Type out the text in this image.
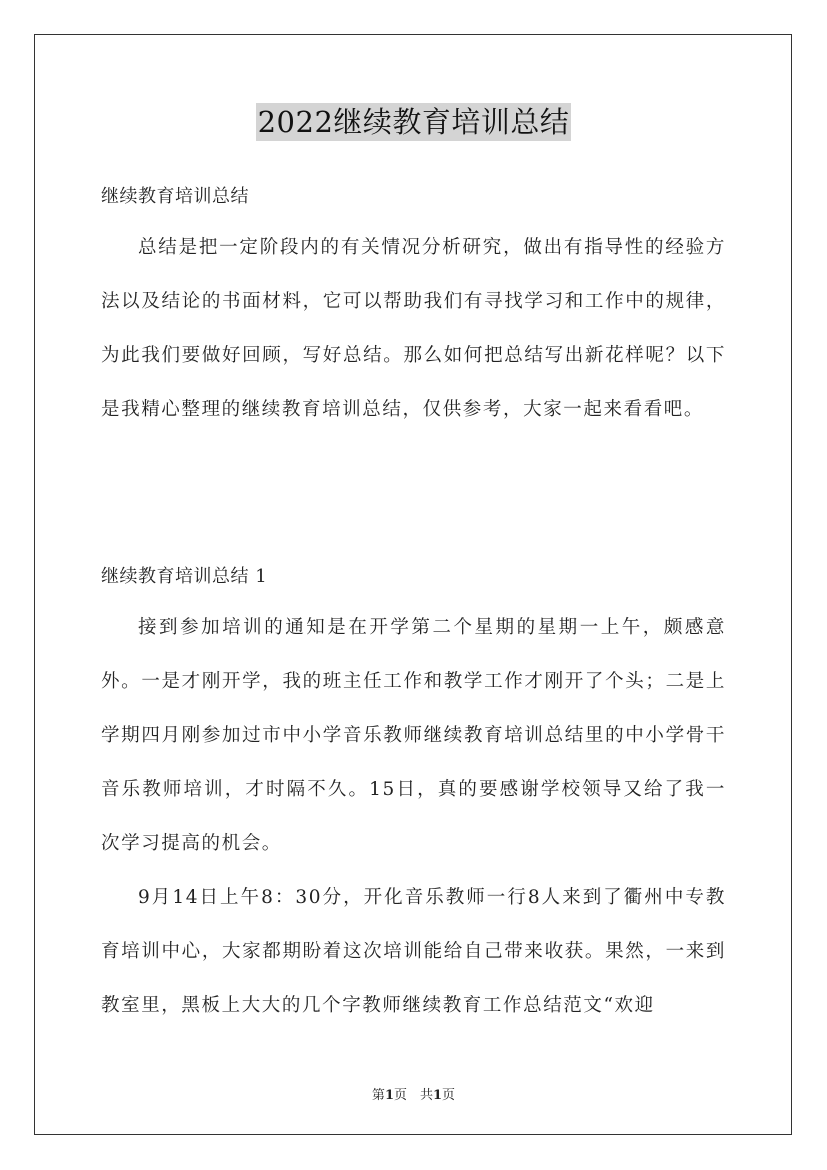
2022继续教育培训总结
继续教育培训总结

总结是把一定阶段内的有关情况分析研究，做出有指导性的经验方法以及结论的书面材料，它可以帮助我们有寻找学习和工作中的规律，为此我们要做好回顾，写好总结。那么如何把总结写出新花样呢？以下是我精心整理的继续教育培训总结，仅供参考，大家一起来看看吧。

继续教育培训总结 1

接到参加培训的通知是在开学第二个星期的星期一上午，颇感意外。一是才刚开学，我的班主任工作和教学工作才刚开了个头；二是上学期四月刚参加过市中小学音乐教师继续教育培训总结里的中小学骨干音乐教师培训，才时隔不久。15日，真的要感谢学校领导又给了我一次学习提高的机会。

9月14日上午8：30分，开化音乐教师一行8人来到了衢州中专教育培训中心，大家都期盼着这次培训能给自己带来收获。果然，一来到教室里，黑板上大大的几个字教师继续教育工作总结范文“欢迎

第1页　共1页
